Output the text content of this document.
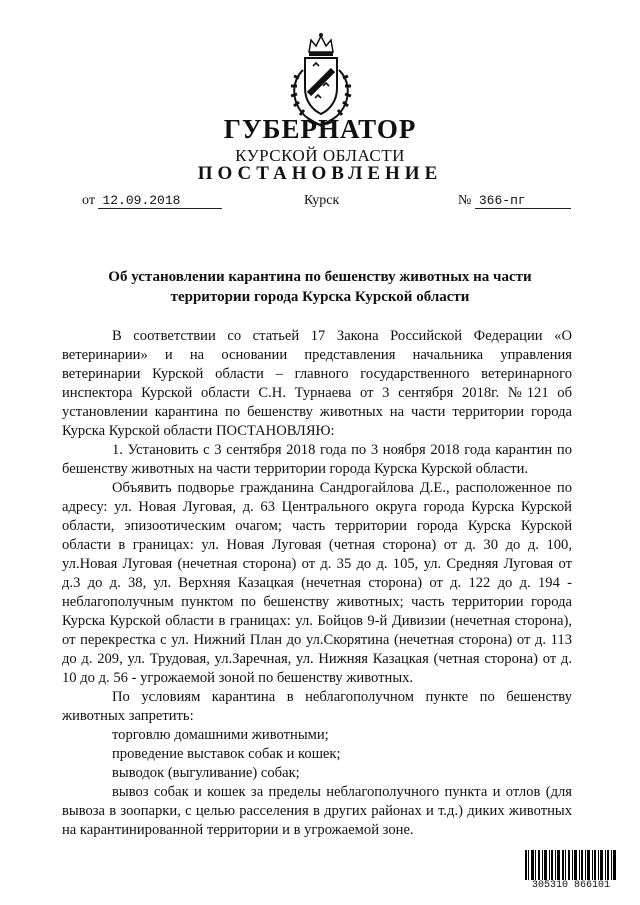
ГУБЕРНАТОР
КУРСКОЙ ОБЛАСТИ
ПОСТАНОВЛЕНИЕ
от 12.09.2018	Курск	№ 366-пг
Об установлении карантина по бешенству животных на части
территории города Курска Курской области

В соответствии со статьей 17 Закона Российской Федерации «О ветеринарии» и на основании представления начальника управления ветеринарии Курской области – главного государственного ветеринарного инспектора Курской области С.Н. Турнаева от 3 сентября 2018г. №121 об установлении карантина по бешенству животных на части территории города Курска Курской области ПОСТАНОВЛЯЮ:

1. Установить с 3 сентября 2018 года по 3 ноября 2018 года карантин по бешенству животных на части территории города Курска Курской области.

Объявить подворье гражданина Сандрогайлова Д.Е., расположенное по адресу: ул. Новая Луговая, д. 63 Центрального округа города Курска Курской области, эпизоотическим очагом; часть территории города Курска Курской области в границах: ул. Новая Луговая (четная сторона) от д. 30 до д. 100, ул.Новая Луговая (нечетная сторона) от д. 35 до д. 105, ул. Средняя Луговая от д.3 до д. 38, ул. Верхняя Казацкая (нечетная сторона) от д. 122 до д. 194 - неблагополучным пунктом по бешенству животных; часть территории города Курска Курской области в границах: ул. Бойцов 9-й Дивизии (нечетная сторона), от перекрестка с ул. Нижний План до ул.Скорятина (нечетная сторона) от д. 113 до д. 209, ул. Трудовая, ул.Заречная, ул. Нижняя Казацкая (четная сторона) от д. 10 до д. 56 - угрожаемой зоной по бешенству животных.

По условиям карантина в неблагополучном пункте по бешенству животных запретить:

торговлю домашними животными;

проведение выставок собак и кошек;

выводок (выгуливание) собак;

вывоз собак и кошек за пределы неблагополучного пункта и отлов (для вывоза в зоопарки, с целью расселения в других районах и т.д.) диких животных на карантинированной территории и в угрожаемой зоне.

305310 866101
